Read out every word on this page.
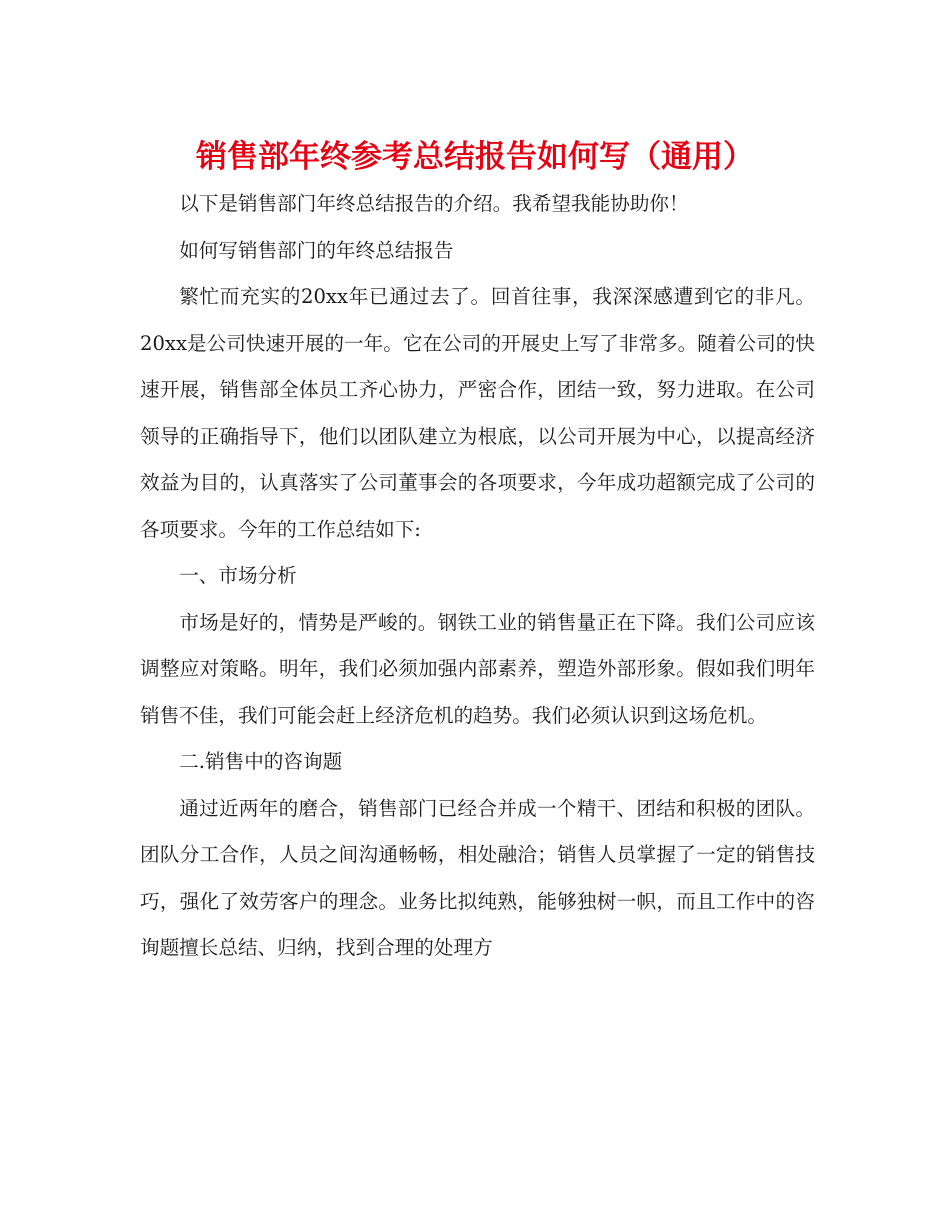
销售部年终参考总结报告如何写（通用）

以下是销售部门年终总结报告的介绍。我希望我能协助你！

如何写销售部门的年终总结报告

繁忙而充实的20xx年已通过去了。回首往事，我深深感遭到它的非凡。20xx是公司快速开展的一年。它在公司的开展史上写了非常多。随着公司的快速开展，销售部全体员工齐心协力，严密合作，团结一致，努力进取。在公司领导的正确指导下，他们以团队建立为根底，以公司开展为中心，以提高经济效益为目的，认真落实了公司董事会的各项要求，今年成功超额完成了公司的各项要求。今年的工作总结如下:

一、市场分析

市场是好的，情势是严峻的。钢铁工业的销售量正在下降。我们公司应该调整应对策略。明年，我们必须加强内部素养，塑造外部形象。假如我们明年销售不佳，我们可能会赶上经济危机的趋势。我们必须认识到这场危机。

二.销售中的咨询题

通过近两年的磨合，销售部门已经合并成一个精干、团结和积极的团队。团队分工合作，人员之间沟通畅畅，相处融洽；销售人员掌握了一定的销售技巧，强化了效劳客户的理念。业务比拟纯熟，能够独树一帜，而且工作中的咨询题擅长总结、归纳，找到合理的处理方
